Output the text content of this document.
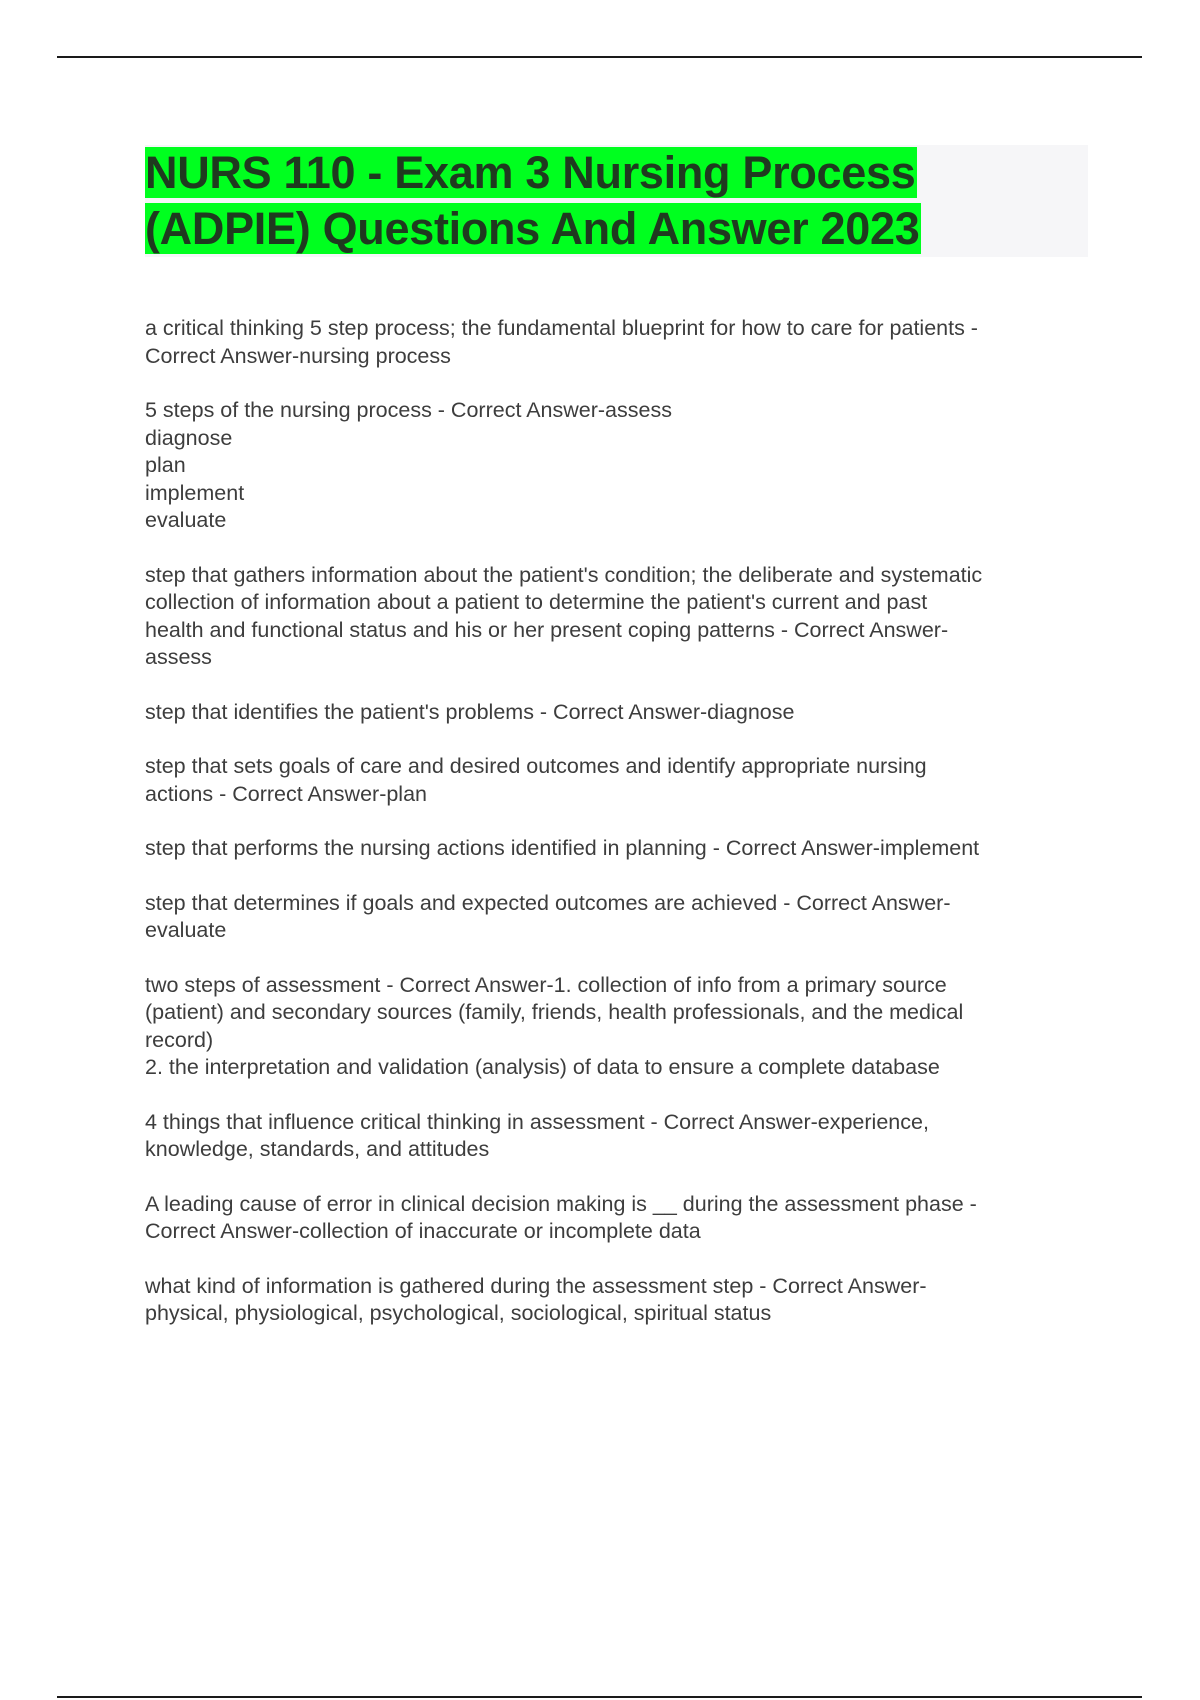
NURS 110 - Exam 3 Nursing Process
(ADPIE) Questions And Answer 2023

a critical thinking 5 step process; the fundamental blueprint for how to care for patients -
Correct Answer-nursing process

5 steps of the nursing process - Correct Answer-assess
diagnose
plan
implement
evaluate

step that gathers information about the patient's condition; the deliberate and systematic
collection of information about a patient to determine the patient's current and past
health and functional status and his or her present coping patterns - Correct Answer-
assess

step that identifies the patient's problems - Correct Answer-diagnose

step that sets goals of care and desired outcomes and identify appropriate nursing
actions - Correct Answer-plan

step that performs the nursing actions identified in planning - Correct Answer-implement

step that determines if goals and expected outcomes are achieved - Correct Answer-
evaluate

two steps of assessment - Correct Answer-1. collection of info from a primary source
(patient) and secondary sources (family, friends, health professionals, and the medical
record)
2. the interpretation and validation (analysis) of data to ensure a complete database

4 things that influence critical thinking in assessment - Correct Answer-experience,
knowledge, standards, and attitudes

A leading cause of error in clinical decision making is __ during the assessment phase -
Correct Answer-collection of inaccurate or incomplete data

what kind of information is gathered during the assessment step - Correct Answer-
physical, physiological, psychological, sociological, spiritual status
